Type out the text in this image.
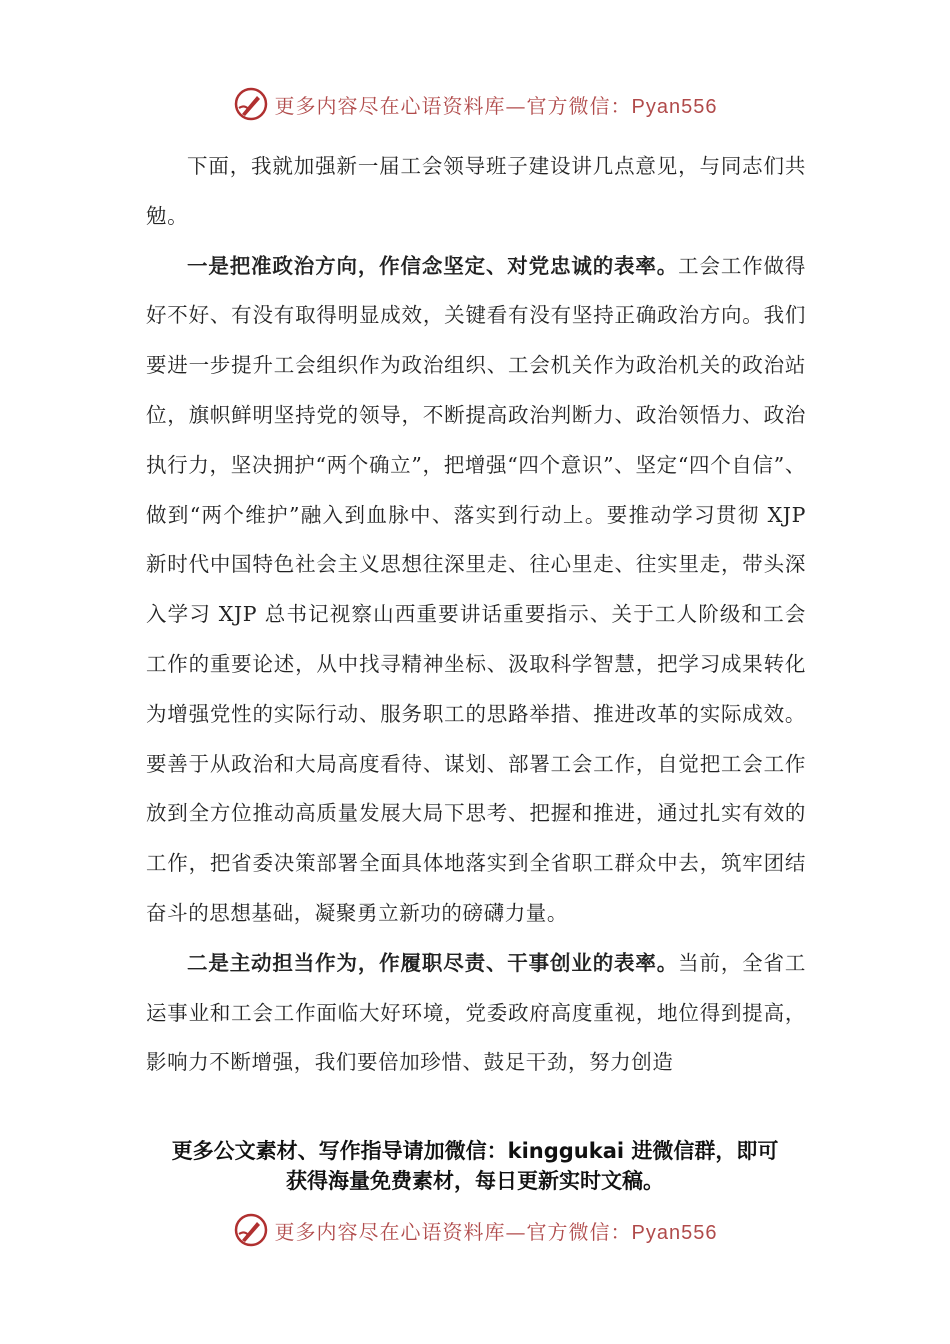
更多内容尽在心语资料库—官方微信：Pyan556

下面，我就加强新一届工会领导班子建设讲几点意见，与同志们共勉。

一是把准政治方向，作信念坚定、对党忠诚的表率。工会工作做得好不好、有没有取得明显成效，关键看有没有坚持正确政治方向。我们要进一步提升工会组织作为政治组织、工会机关作为政治机关的政治站位，旗帜鲜明坚持党的领导，不断提高政治判断力、政治领悟力、政治执行力，坚决拥护“两个确立”，把增强“四个意识”、坚定“四个自信”、做到“两个维护”融入到血脉中、落实到行动上。要推动学习贯彻 XJP 新时代中国特色社会主义思想往深里走、往心里走、往实里走，带头深入学习 XJP 总书记视察山西重要讲话重要指示、关于工人阶级和工会工作的重要论述，从中找寻精神坐标、汲取科学智慧，把学习成果转化为增强党性的实际行动、服务职工的思路举措、推进改革的实际成效。要善于从政治和大局高度看待、谋划、部署工会工作，自觉把工会工作放到全方位推动高质量发展大局下思考、把握和推进，通过扎实有效的工作，把省委决策部署全面具体地落实到全省职工群众中去，筑牢团结奋斗的思想基础，凝聚勇立新功的磅礴力量。

二是主动担当作为，作履职尽责、干事创业的表率。当前，全省工运事业和工会工作面临大好环境，党委政府高度重视，地位得到提高，影响力不断增强，我们要倍加珍惜、鼓足干劲，努力创造

更多公文素材、写作指导请加微信：kinggukai 进微信群，即可
获得海量免费素材，每日更新实时文稿。
更多内容尽在心语资料库—官方微信：Pyan556
